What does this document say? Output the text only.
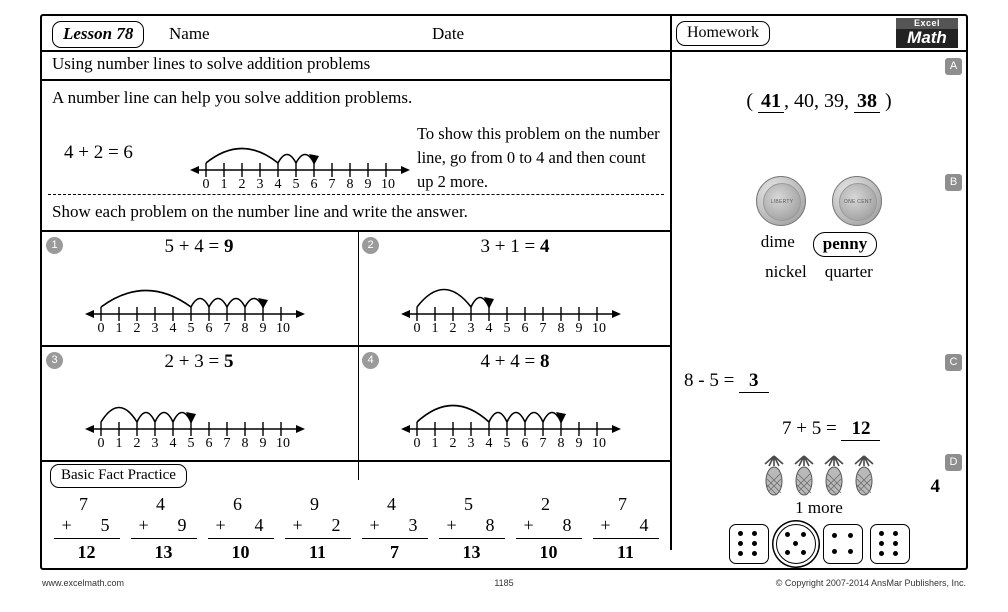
Lesson 78	Name	Date	Homework
Excel
Math
Using number lines to solve addition problems
A number line can help you solve addition problems.
4 + 2 = 6
0 1 2 3 4 5 6 7 8 9 10
To show this problem on the number line, go from 0 to 4 and then count up 2 more.
Show each problem on the number line and write the answer.
1	5 + 4 = 9
0 1 2 3 4 5 6 7 8 9 10
2	3 + 1 = 4
0 1 2 3 4 5 6 7 8 9 10
3	2 + 3 = 5
0 1 2 3 4 5 6 7 8 9 10
4	4 + 4 = 8
0 1 2 3 4 5 6 7 8 9 10
Basic Fact Practice
7
+ 5
12
4
+ 9
13
6
+ 4
10
9
+ 2
11
4
+ 3
7
5
+ 8
13
2
+ 8
10
7
+ 4
11
A
( 41 , 40, 39, 38 )
B
LIBERTY	ONE CENT
dime	penny
nickel quarter
C
8 - 5 = 3
7 + 5 = 12
D
4
1 more
www.excelmath.com	1185	© Copyright 2007-2014 AnsMar Publishers, Inc.
